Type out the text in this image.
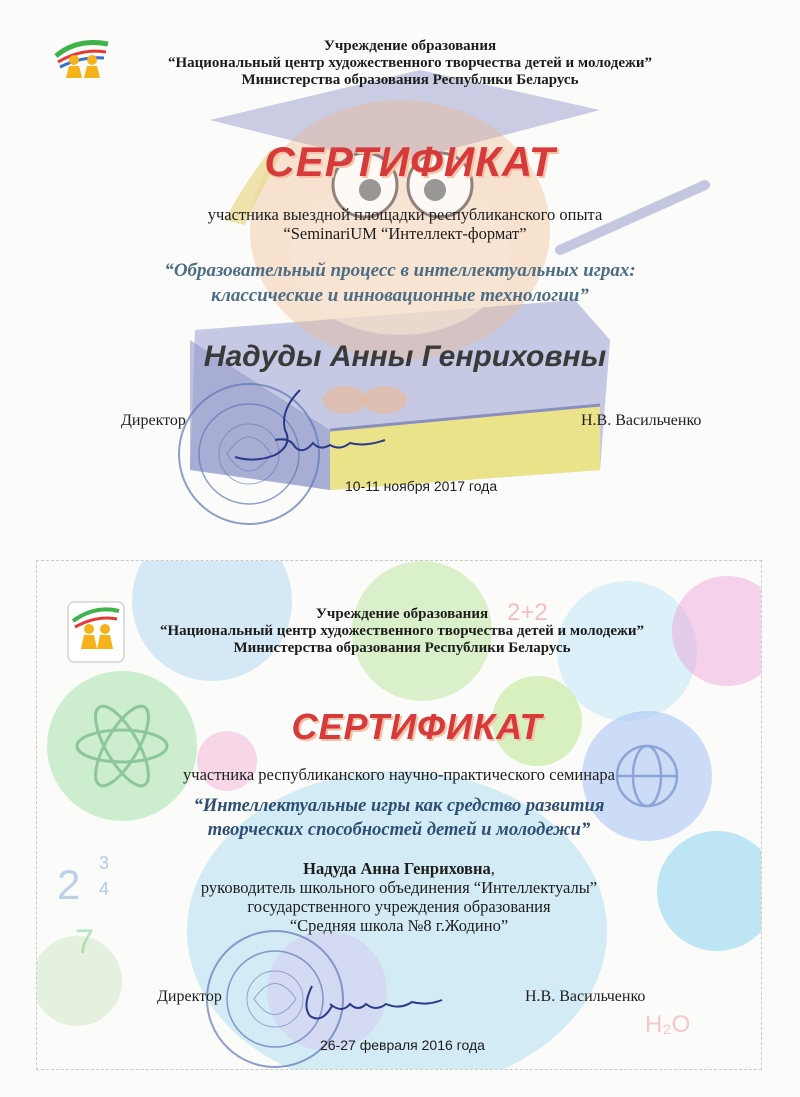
Учреждение образования
“Национальный центр художественного творчества детей и молодежи”
Министерства образования Республики Беларусь
СЕРТИФИКАТ
участника выездной площадки республиканского опыта
“SeminariUM “Интеллект-формат”
“Образовательный процесс в интеллектуальных играх:
классические и инновационные технологии”
Надуды Анны Генриховны
Директор	Н.В. Васильченко
10-11 ноября 2017 года
2+2
2 3
4
H₂O
7
Учреждение образования
“Национальный центр художественного творчества детей и молодежи”
Министерства образования Республики Беларусь
СЕРТИФИКАТ
участника республиканского научно-практического семинара
“Интеллектуальные игры как средство развития
творческих способностей детей и молодежи”
Надуда Анна Генриховна,
руководитель школьного объединения “Интеллектуалы”
государственного учреждения образования
“Средняя школа №8 г.Жодино”
Директор	Н.В. Васильченко
26-27 февраля 2016 года
